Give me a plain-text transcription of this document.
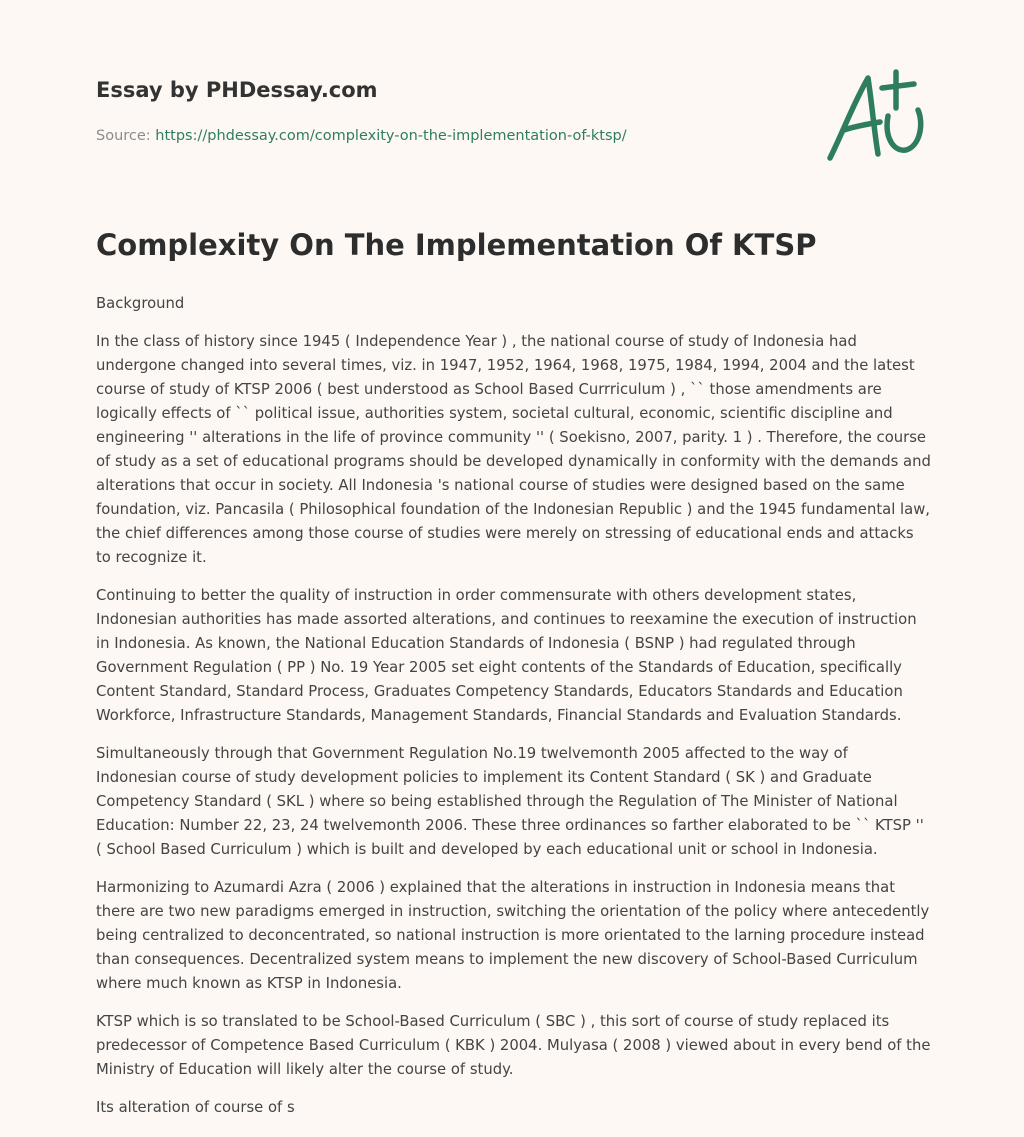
Essay by PHDessay.com
Source: https://phdessay.com/complexity-on-the-implementation-of-ktsp/
Complexity On The Implementation Of KTSP

Background

In the class of history since 1945 ( Independence Year ) , the national course of study of Indonesia had undergone changed into several times, viz. in 1947, 1952, 1964, 1968, 1975, 1984, 1994, 2004 and the latest course of study of KTSP 2006 ( best understood as School Based Currriculum ) , `` those amendments are logically effects of `` political issue, authorities system, societal cultural, economic, scientific discipline and engineering '' alterations in the life of province community '' ( Soekisno, 2007, parity. 1 ) . Therefore, the course of study as a set of educational programs should be developed dynamically in conformity with the demands and alterations that occur in society. All Indonesia 's national course of studies were designed based on the same foundation, viz. Pancasila ( Philosophical foundation of the Indonesian Republic ) and the 1945 fundamental law, the chief differences among those course of studies were merely on stressing of educational ends and attacks to recognize it.

Continuing to better the quality of instruction in order commensurate with others development states, Indonesian authorities has made assorted alterations, and continues to reexamine the execution of instruction in Indonesia. As known, the National Education Standards of Indonesia ( BSNP ) had regulated through Government Regulation ( PP ) No. 19 Year 2005 set eight contents of the Standards of Education, specifically Content Standard, Standard Process, Graduates Competency Standards, Educators Standards and Education Workforce, Infrastructure Standards, Management Standards, Financial Standards and Evaluation Standards.

Simultaneously through that Government Regulation No.19 twelvemonth 2005 affected to the way of Indonesian course of study development policies to implement its Content Standard ( SK ) and Graduate Competency Standard ( SKL ) where so being established through the Regulation of The Minister of National Education: Number 22, 23, 24 twelvemonth 2006. These three ordinances so farther elaborated to be `` KTSP '' ( School Based Curriculum ) which is built and developed by each educational unit or school in Indonesia.

Harmonizing to Azumardi Azra ( 2006 ) explained that the alterations in instruction in Indonesia means that there are two new paradigms emerged in instruction, switching the orientation of the policy where antecedently being centralized to deconcentrated, so national instruction is more orientated to the larning procedure instead than consequences. Decentralized system means to implement the new discovery of School-Based Curriculum where much known as KTSP in Indonesia.

KTSP which is so translated to be School-Based Curriculum ( SBC ) , this sort of course of study replaced its predecessor of Competence Based Curriculum ( KBK ) 2004. Mulyasa ( 2008 ) viewed about in every bend of the Ministry of Education will likely alter the course of study.

Its alteration of course of s
